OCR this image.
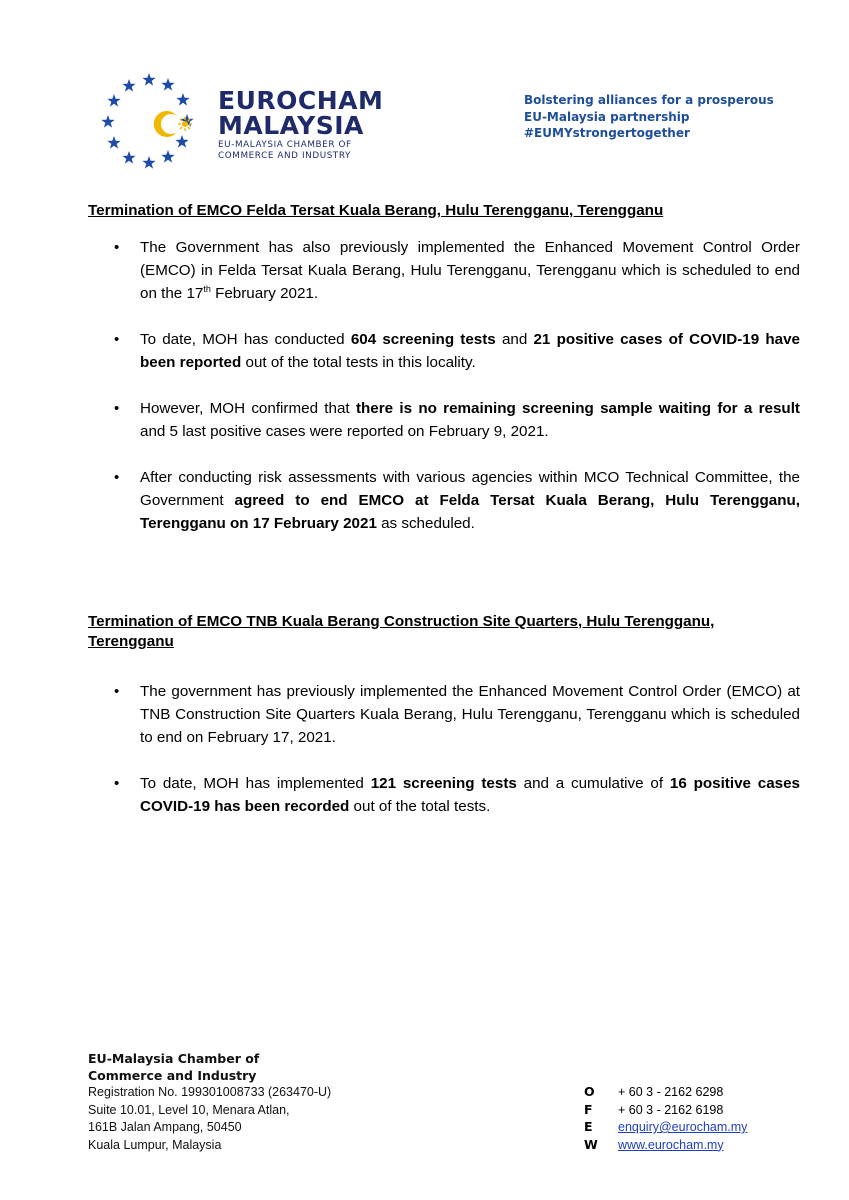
EUROCHAM
MALAYSIA
EU-MALAYSIA CHAMBER OF
COMMERCE AND INDUSTRY
Bolstering alliances for a prosperous
EU-Malaysia partnership
#EUMYstrongertogether
Termination of EMCO Felda Tersat Kuala Berang, Hulu Terengganu, Terengganu
• The Government has also previously implemented the Enhanced Movement Control Order (EMCO) in Felda Tersat Kuala Berang, Hulu Terengganu, Terengganu which is scheduled to end on the 17th February 2021.
• To date, MOH has conducted 604 screening tests and 21 positive cases of COVID-19 have been reported out of the total tests in this locality.
• However, MOH confirmed that there is no remaining screening sample waiting for a result and 5 last positive cases were reported on February 9, 2021.
• After conducting risk assessments with various agencies within MCO Technical Committee, the Government agreed to end EMCO at Felda Tersat Kuala Berang, Hulu Terengganu, Terengganu on 17 February 2021 as scheduled.
Termination of EMCO TNB Kuala Berang Construction Site Quarters, Hulu Terengganu, Terengganu
• The government has previously implemented the Enhanced Movement Control Order (EMCO) at TNB Construction Site Quarters Kuala Berang, Hulu Terengganu, Terengganu which is scheduled to end on February 17, 2021.
• To date, MOH has implemented 121 screening tests and a cumulative of 16 positive cases COVID-19 has been recorded out of the total tests.
EU-Malaysia Chamber of
Commerce and Industry
Registration No. 199301008733 (263470-U)
Suite 10.01, Level 10, Menara Atlan,
161B Jalan Ampang, 50450
Kuala Lumpur, Malaysia
O + 60 3 - 2162 6298
F + 60 3 - 2162 6198
E enquiry@eurocham.my
W www.eurocham.my
